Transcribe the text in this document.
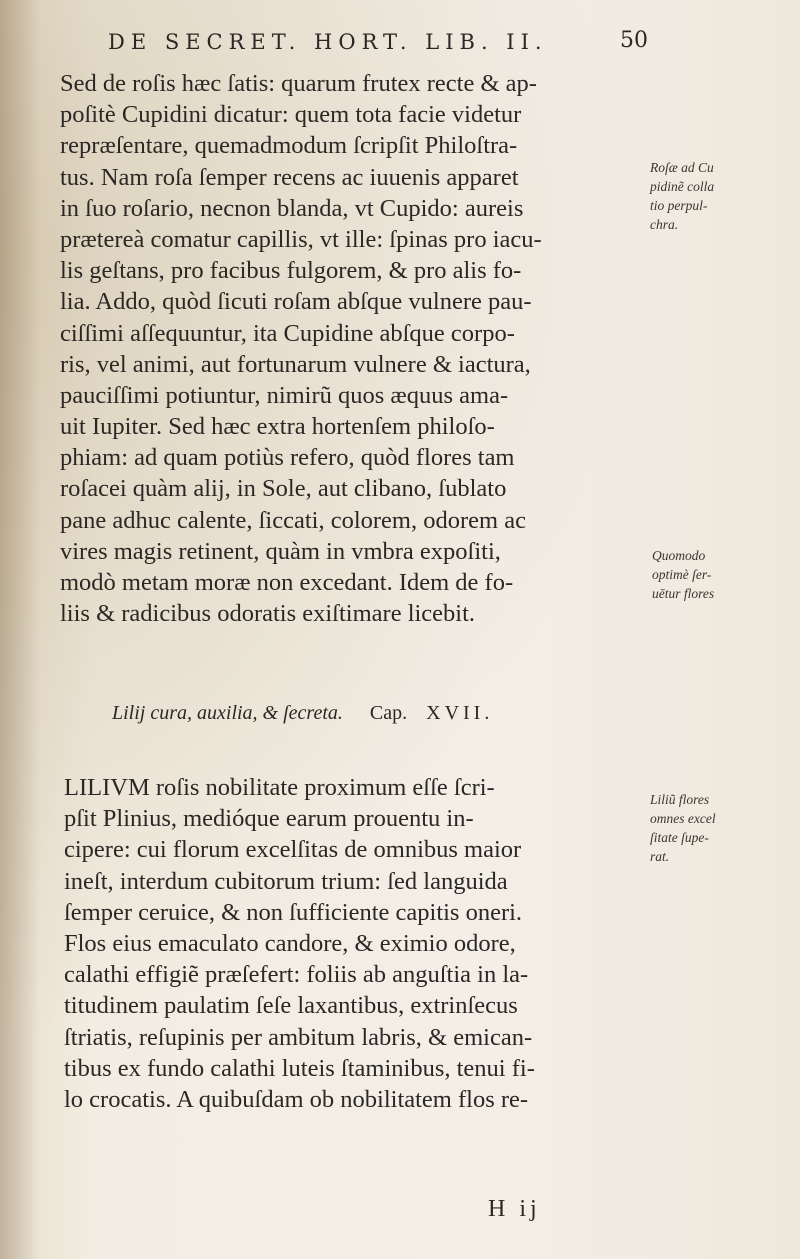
DE SECRET. HORT. LIB. II.	50
Sed de roſis hæc ſatis: quarum frutex recte & ap-
poſitè Cupidini dicatur: quem tota facie videtur
repræſentare, quemadmodum ſcripſit Philoſtra-
tus. Nam roſa ſemper recens ac iuuenis apparet
in ſuo roſario, necnon blanda, vt Cupido: aureis
prætereà comatur capillis, vt ille: ſpinas pro iacu-
lis geſtans, pro facibus fulgorem, & pro alis fo-
lia. Addo, quòd ſicuti roſam abſque vulnere pau-
ciſſimi aſſequuntur, ita Cupidine abſque corpo-
ris, vel animi, aut fortunarum vulnere & iactura,
pauciſſimi potiuntur, nimirũ quos æquus ama-
uit Iupiter. Sed hæc extra hortenſem philoſo-
phiam: ad quam potiùs refero, quòd flores tam
roſacei quàm alij, in Sole, aut clibano, ſublato
pane adhuc calente, ſiccati, colorem, odorem ac
vires magis retinent, quàm in vmbra expoſiti,
modò metam moræ non excedant. Idem de fo-
liis & radicibus odoratis exiſtimare licebit.
Lilij cura, auxilia, & ſecreta. Cap. XVII.
LILIVM roſis nobilitate proximum eſſe ſcri-
pſit Plinius, medióque earum prouentu in-
cipere: cui florum excelſitas de omnibus maior
ineſt, interdum cubitorum trium: ſed languida
ſemper ceruice, & non ſufficiente capitis oneri.
Flos eius emaculato candore, & eximio odore,
calathi effigiẽ præſefert: foliis ab anguſtia in la-
titudinem paulatim ſeſe laxantibus, extrinſecus
ſtriatis, reſupinis per ambitum labris, & emican-
tibus ex fundo calathi luteis ſtaminibus, tenui fi-
lo crocatis. A quibuſdam ob nobilitatem flos re-
Roſæ ad Cu
pidinẽ colla
tio perpul-
chra.
Quomodo
optimè ſer-
uētur flores
Liliũ flores
omnes excel
ſitate ſupe-
rat.
H ij
